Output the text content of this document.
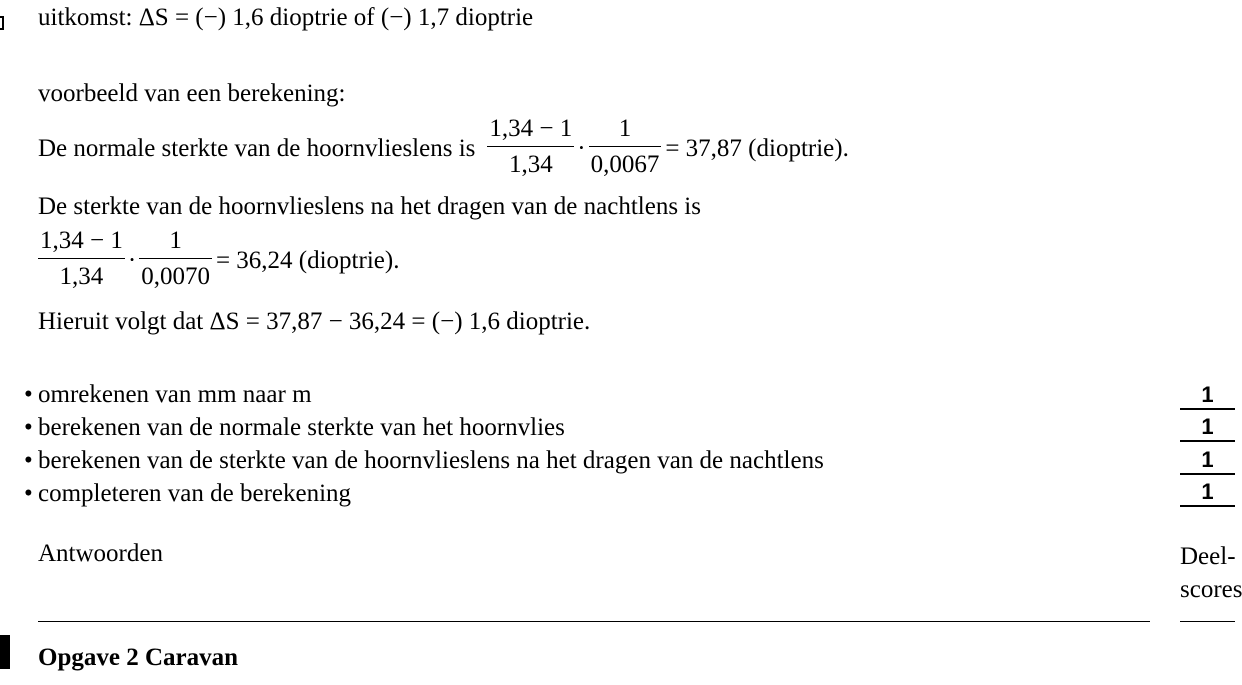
uitkomst: ΔS = (−) 1,6 dioptrie of (−) 1,7 dioptrie
voorbeeld van een berekening:
De normale sterkte van de hoornvlieslens is $\frac{1,34 - 1}{1,34} \cdot \frac{1}{0,0067} = 37,87$ (dioptrie).
De sterkte van de hoornvlieslens na het dragen van de nachtlens is
$\frac{1,34 - 1}{1,34} \cdot \frac{1}{0,0070} = 36,24$ (dioptrie).
Hieruit volgt dat ΔS = 37,87 − 36,24 = (−) 1,6 dioptrie.
• omrekenen van mm naar m
• berekenen van de normale sterkte van het hoornvlies
• berekenen van de sterkte van de hoornvlieslens na het dragen van de nachtlens
• completeren van de berekening
1
1
1
1
Antwoorden	Deel-
scores
Opgave 2 Caravan
